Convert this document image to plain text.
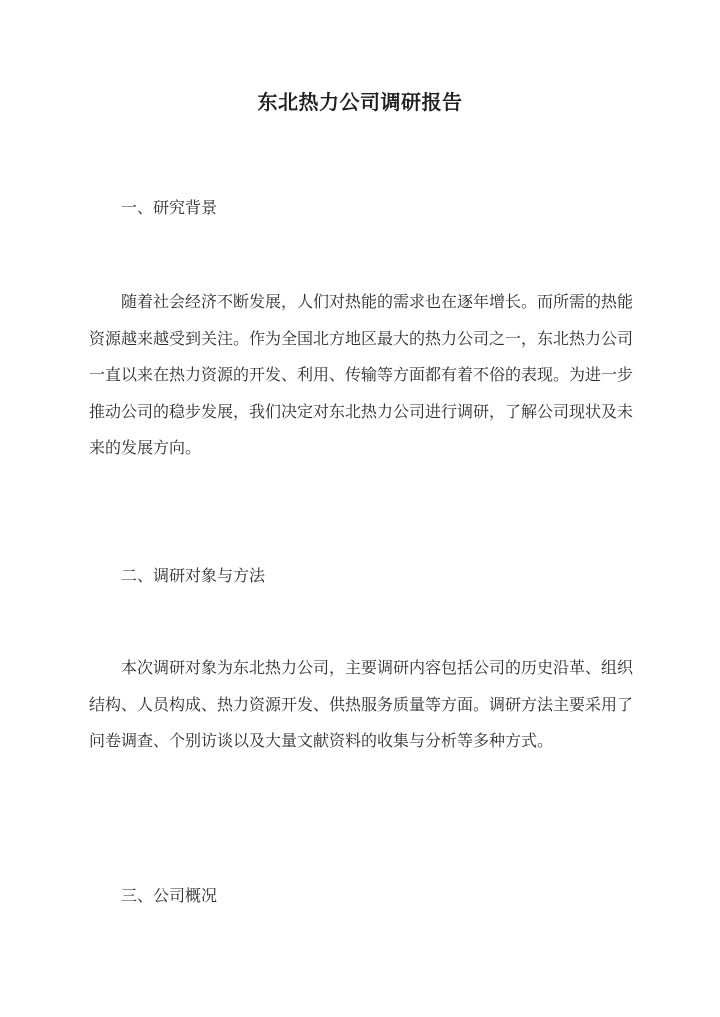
东北热力公司调研报告
一、研究背景

随着社会经济不断发展，人们对热能的需求也在逐年增长。而所需的热能资源越来越受到关注。作为全国北方地区最大的热力公司之一，东北热力公司一直以来在热力资源的开发、利用、传输等方面都有着不俗的表现。为进一步推动公司的稳步发展，我们决定对东北热力公司进行调研，了解公司现状及未来的发展方向。

二、调研对象与方法

本次调研对象为东北热力公司，主要调研内容包括公司的历史沿革、组织结构、人员构成、热力资源开发、供热服务质量等方面。调研方法主要采用了问卷调查、个别访谈以及大量文献资料的收集与分析等多种方式。

三、公司概况
